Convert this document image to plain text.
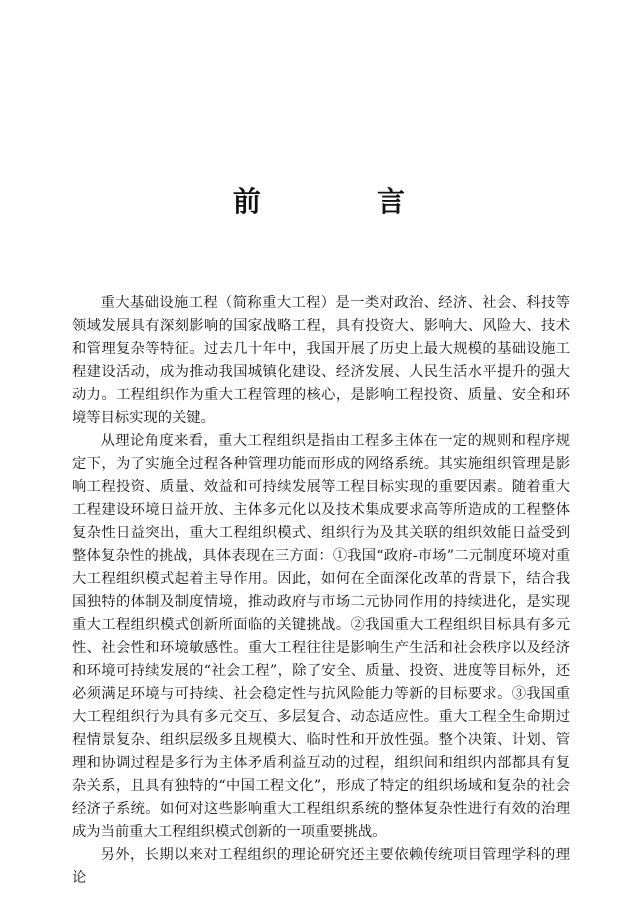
前 言

重大基础设施工程（简称重大工程）是一类对政治、经济、社会、科技等领域发展具有深刻影响的国家战略工程，具有投资大、影响大、风险大、技术和管理复杂等特征。过去几十年中，我国开展了历史上最大规模的基础设施工程建设活动，成为推动我国城镇化建设、经济发展、人民生活水平提升的强大动力。工程组织作为重大工程管理的核心，是影响工程投资、质量、安全和环境等目标实现的关键。

从理论角度来看，重大工程组织是指由工程多主体在一定的规则和程序规定下，为了实施全过程各种管理功能而形成的网络系统。其实施组织管理是影响工程投资、质量、效益和可持续发展等工程目标实现的重要因素。随着重大工程建设环境日益开放、主体多元化以及技术集成要求高等所造成的工程整体复杂性日益突出，重大工程组织模式、组织行为及其关联的组织效能日益受到整体复杂性的挑战，具体表现在三方面：①我国“政府-市场”二元制度环境对重大工程组织模式起着主导作用。因此，如何在全面深化改革的背景下，结合我国独特的体制及制度情境，推动政府与市场二元协同作用的持续进化，是实现重大工程组织模式创新所面临的关键挑战。②我国重大工程组织目标具有多元性、社会性和环境敏感性。重大工程往往是影响生产生活和社会秩序以及经济和环境可持续发展的“社会工程”，除了安全、质量、投资、进度等目标外，还必须满足环境与可持续、社会稳定性与抗风险能力等新的目标要求。③我国重大工程组织行为具有多元交互、多层复合、动态适应性。重大工程全生命期过程情景复杂、组织层级多且规模大、临时性和开放性强。整个决策、计划、管理和协调过程是多行为主体矛盾利益互动的过程，组织间和组织内部都具有复杂关系，且具有独特的“中国工程文化”，形成了特定的组织场域和复杂的社会经济子系统。如何对这些影响重大工程组织系统的整体复杂性进行有效的治理成为当前重大工程组织模式创新的一项重要挑战。

另外，长期以来对工程组织的理论研究还主要依赖传统项目管理学科的理论
